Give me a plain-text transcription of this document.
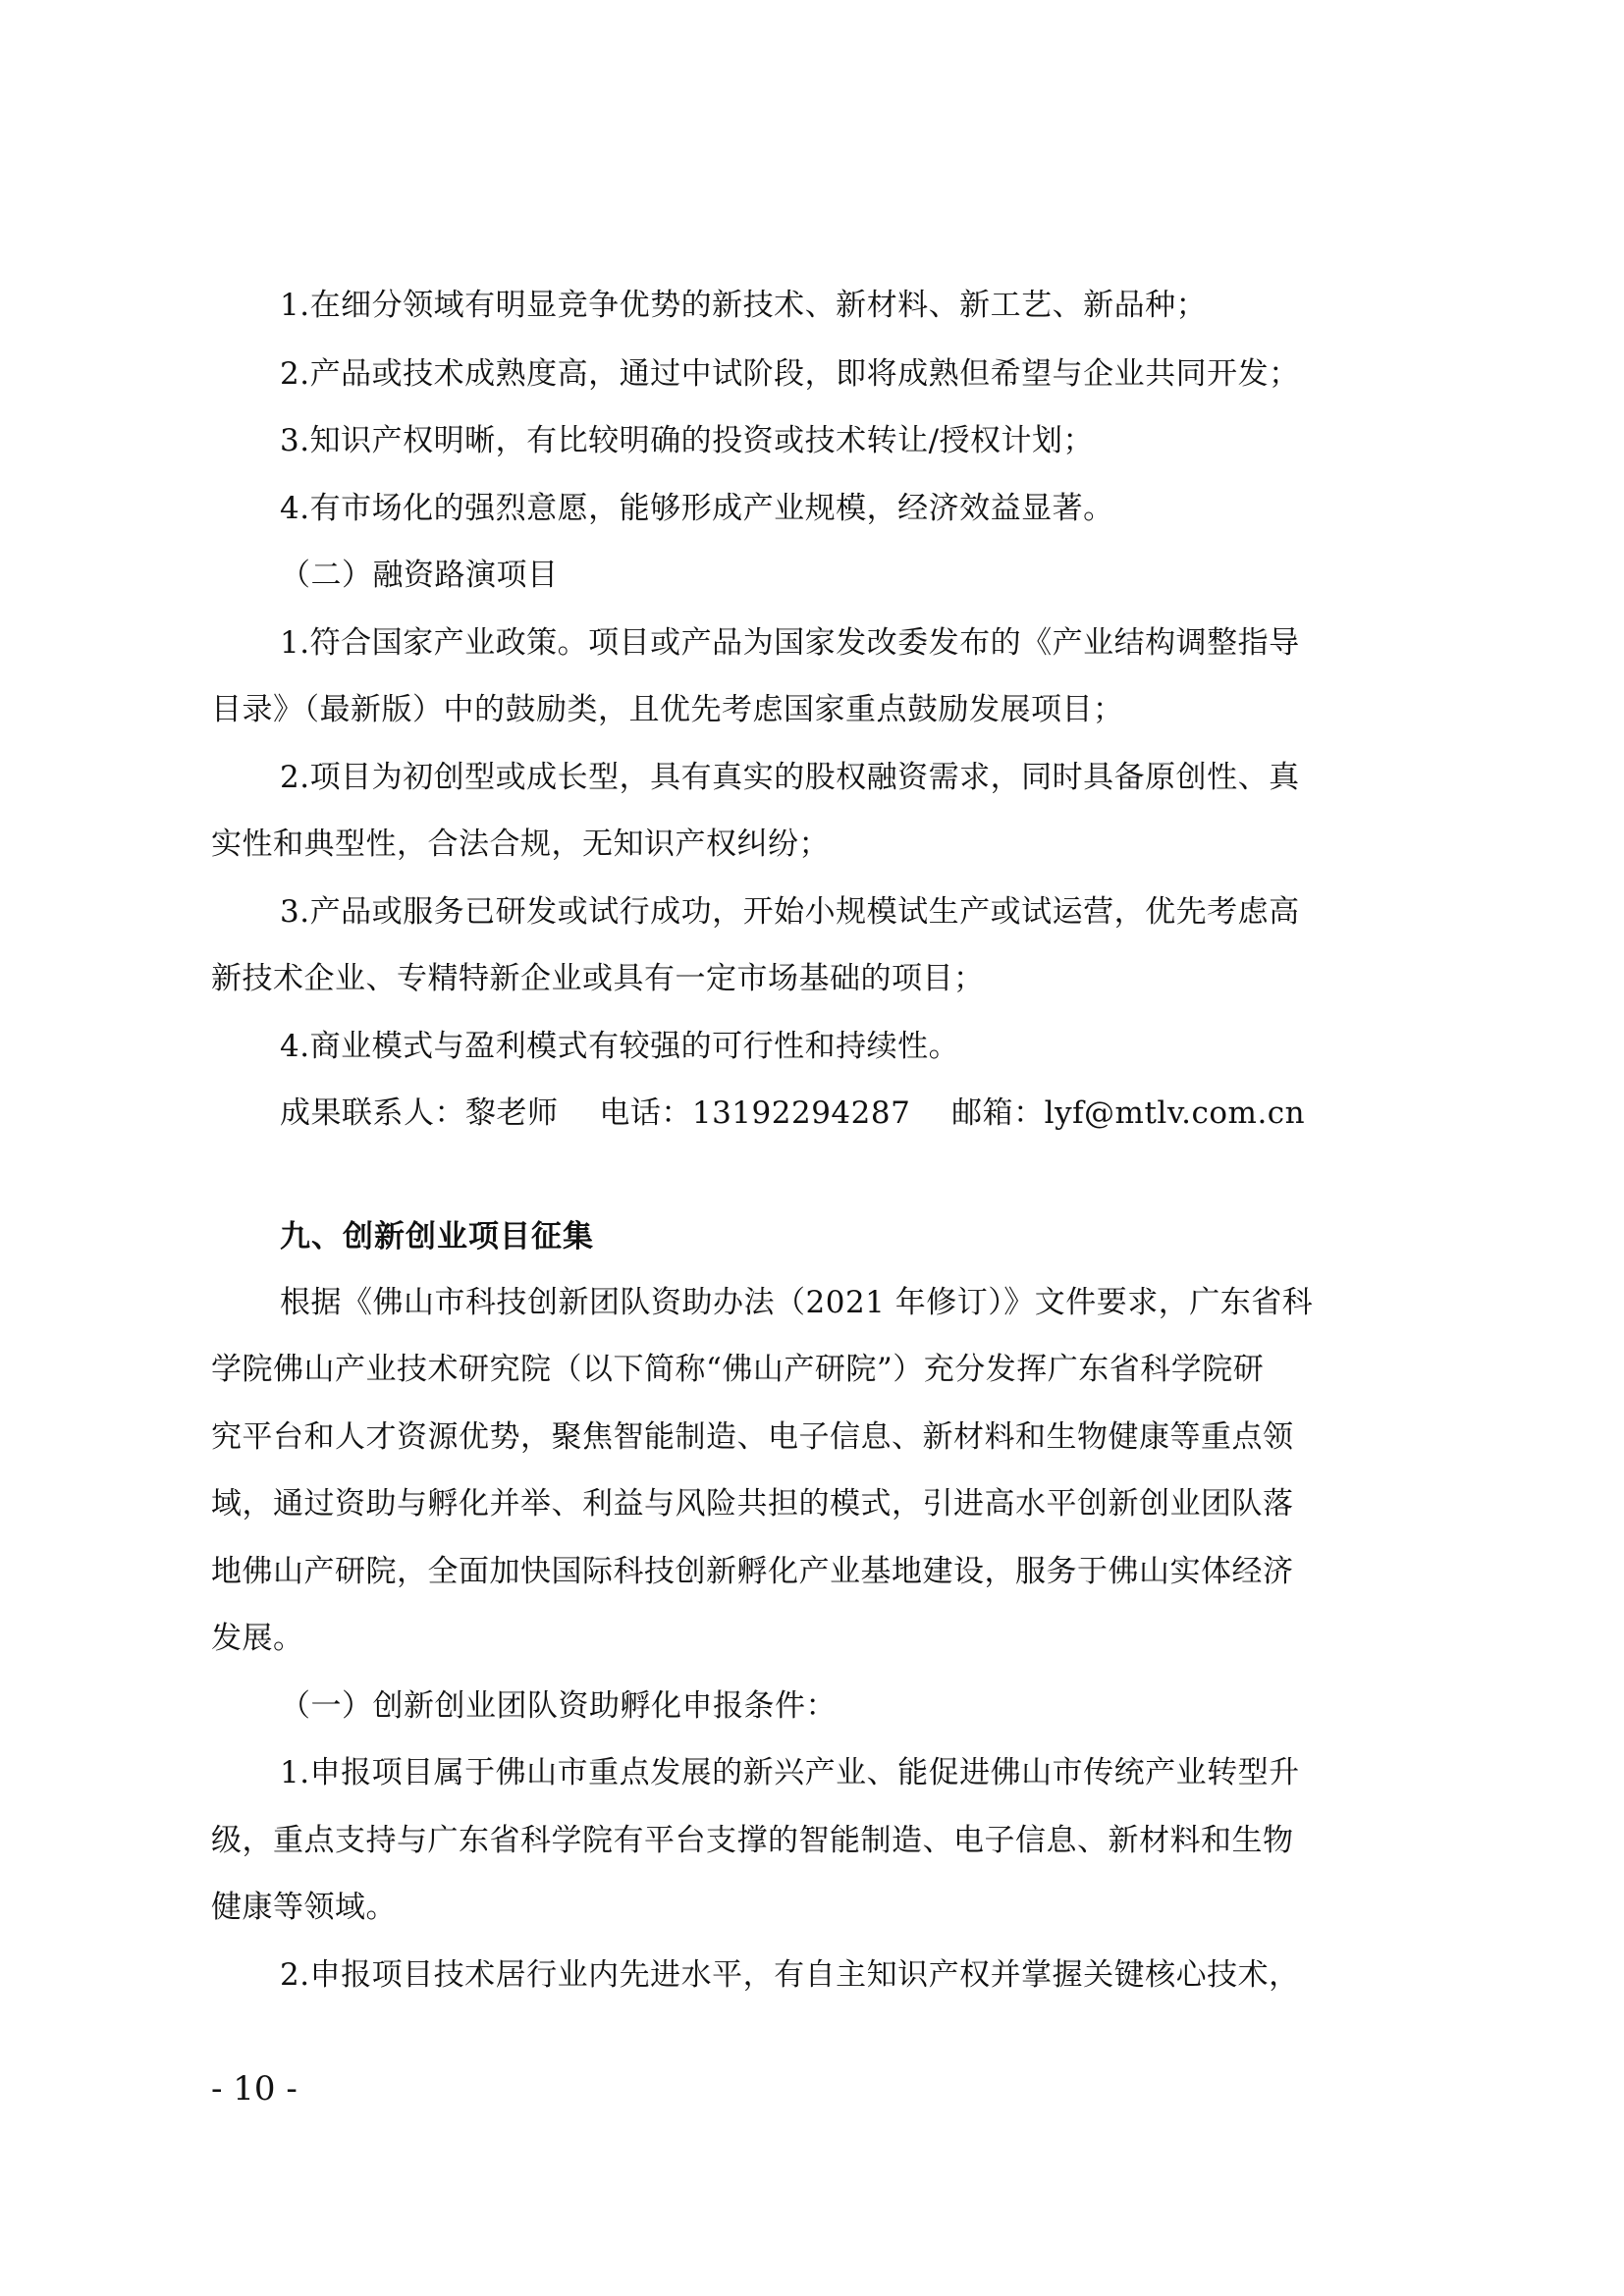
1.在细分领域有明显竞争优势的新技术、新材料、新工艺、新品种；
2.产品或技术成熟度高，通过中试阶段，即将成熟但希望与企业共同开发；
3.知识产权明晰，有比较明确的投资或技术转让/授权计划；
4.有市场化的强烈意愿，能够形成产业规模，经济效益显著。
（二）融资路演项目
1.符合国家产业政策。项目或产品为国家发改委发布的《产业结构调整指导
目录》（最新版）中的鼓励类，且优先考虑国家重点鼓励发展项目；
2.项目为初创型或成长型，具有真实的股权融资需求，同时具备原创性、真
实性和典型性，合法合规，无知识产权纠纷；
3.产品或服务已研发或试行成功，开始小规模试生产或试运营，优先考虑高
新技术企业、专精特新企业或具有一定市场基础的项目；
4.商业模式与盈利模式有较强的可行性和持续性。
成果联系人：黎老师　 电话：13192294287　 邮箱：lyf@mtlv.com.cn
九、创新创业项目征集
根据《佛山市科技创新团队资助办法（2021 年修订）》文件要求，广东省科
学院佛山产业技术研究院（以下简称“佛山产研院”）充分发挥广东省科学院研
究平台和人才资源优势，聚焦智能制造、电子信息、新材料和生物健康等重点领
域，通过资助与孵化并举、利益与风险共担的模式，引进高水平创新创业团队落
地佛山产研院，全面加快国际科技创新孵化产业基地建设，服务于佛山实体经济
发展。
（一）创新创业团队资助孵化申报条件：
1.申报项目属于佛山市重点发展的新兴产业、能促进佛山市传统产业转型升
级，重点支持与广东省科学院有平台支撑的智能制造、电子信息、新材料和生物
健康等领域。
2.申报项目技术居行业内先进水平，有自主知识产权并掌握关键核心技术，
- 10 -
